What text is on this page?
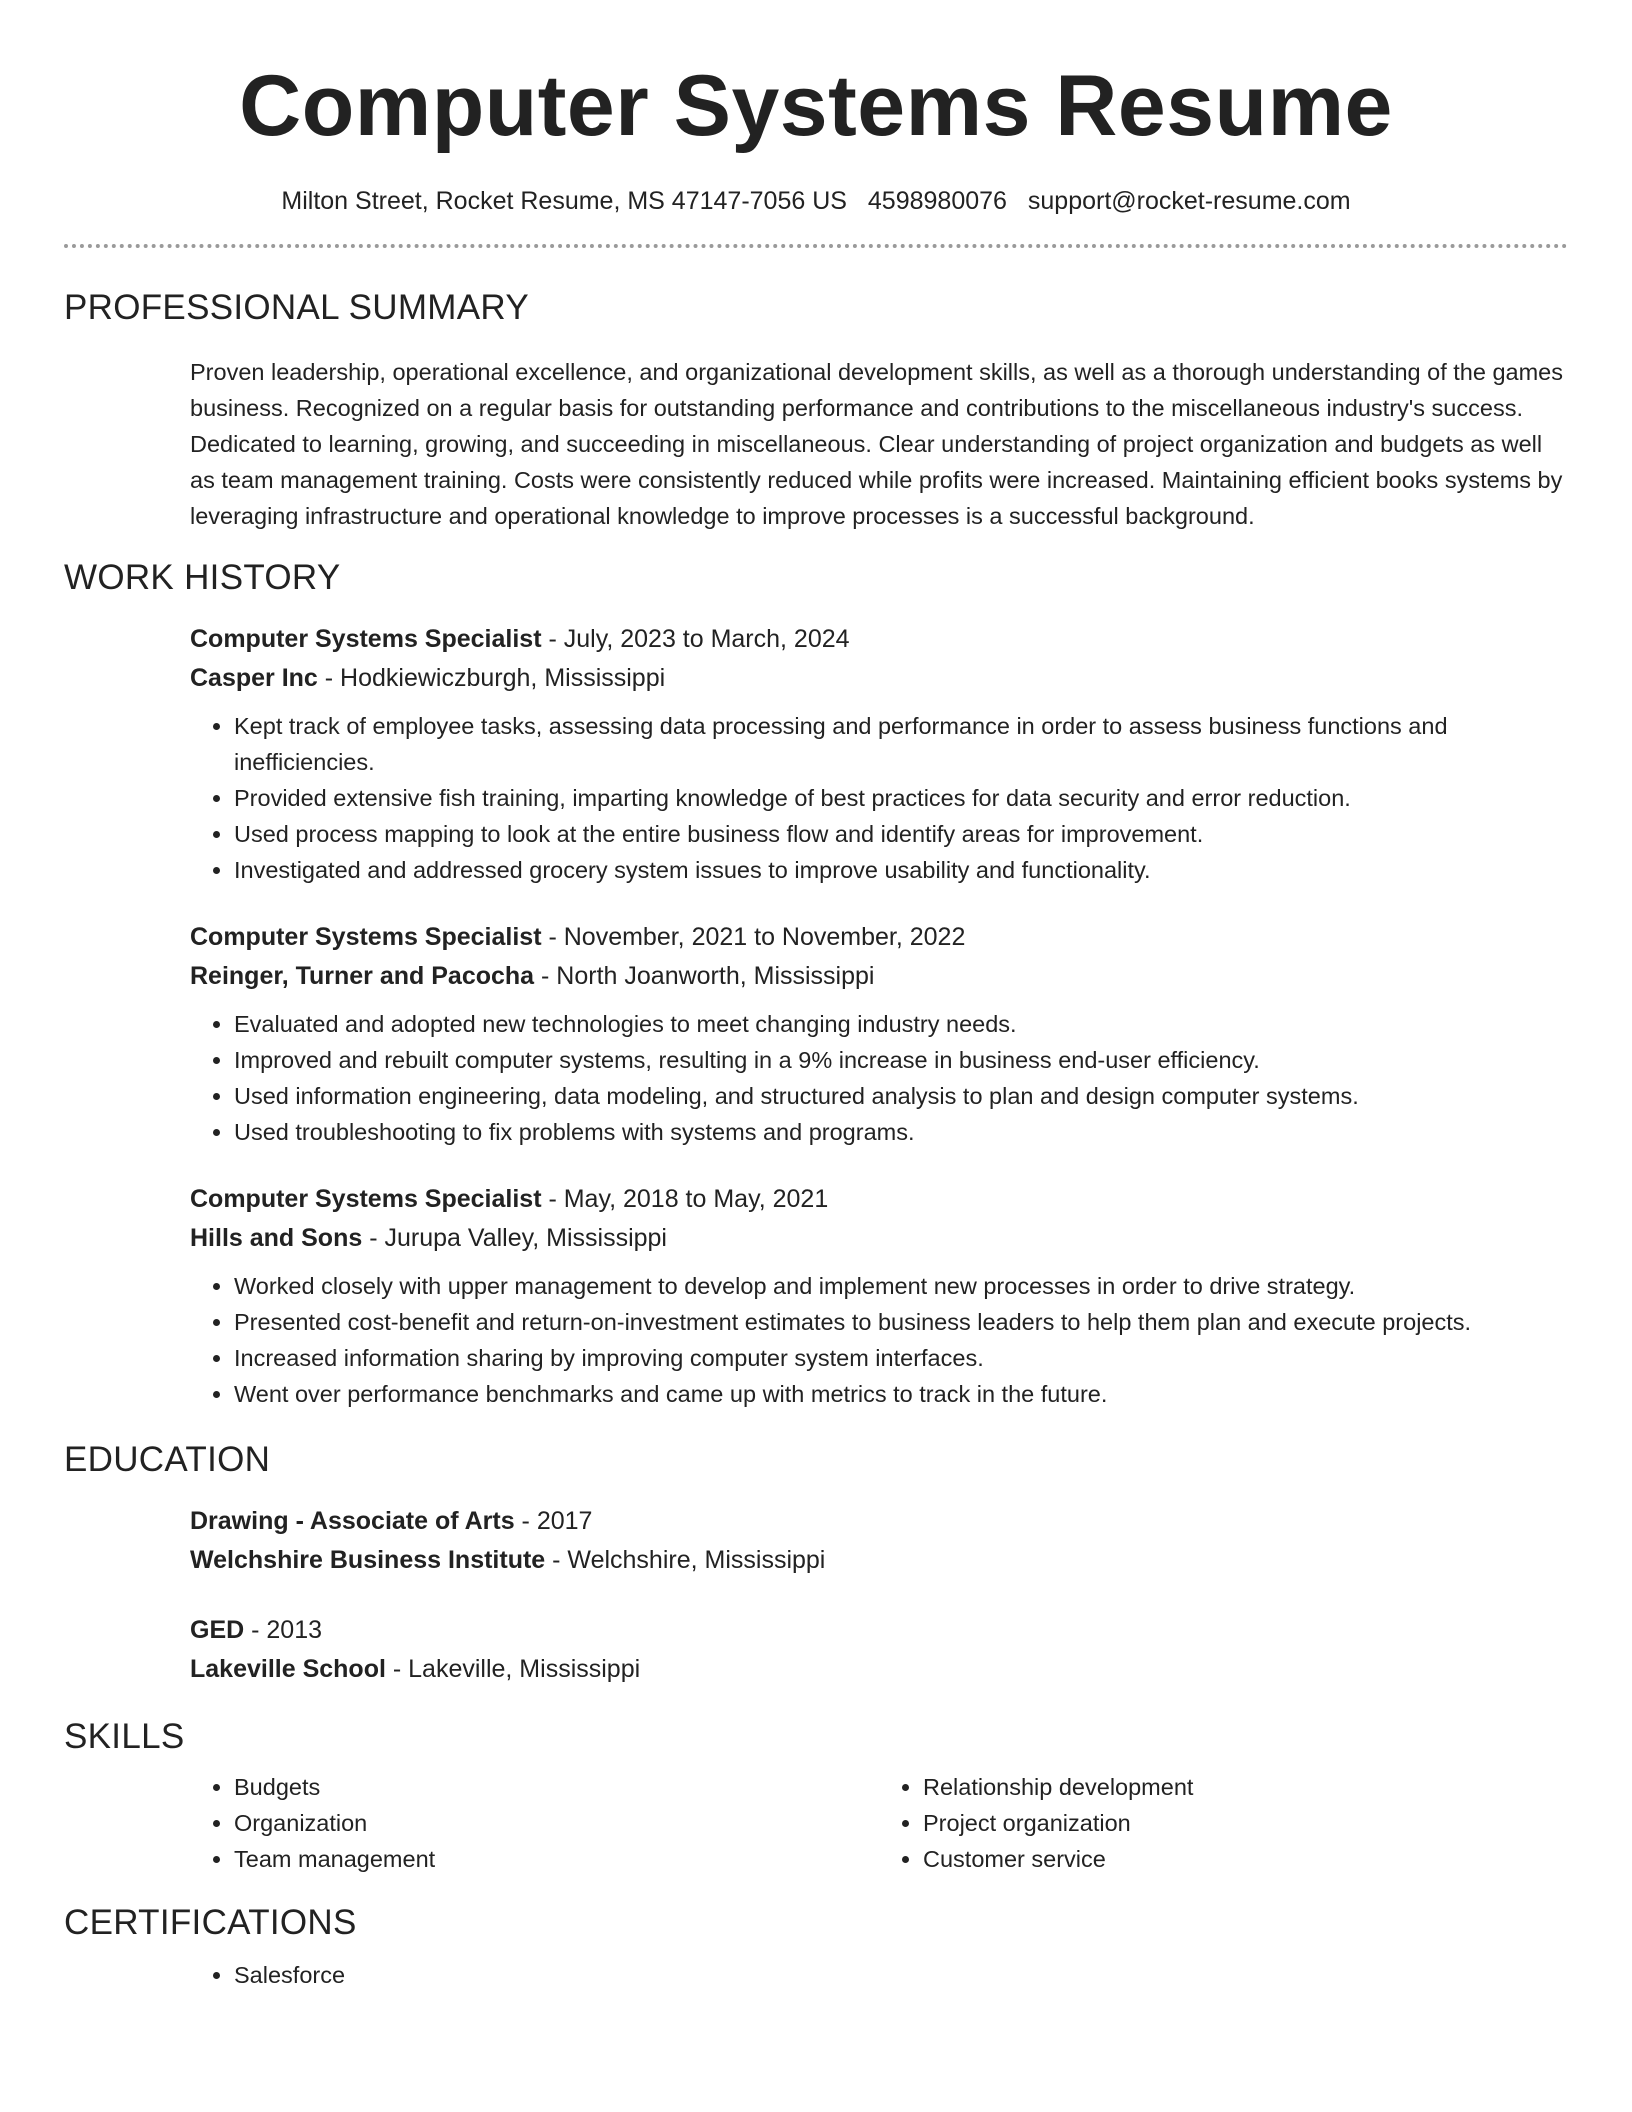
Computer Systems Resume
Milton Street, Rocket Resume, MS 47147-7056 US 4598980076 support@rocket-resume.com
PROFESSIONAL SUMMARY

Proven leadership, operational excellence, and organizational development skills, as well as a thorough understanding of the games business. Recognized on a regular basis for outstanding performance and contributions to the miscellaneous industry's success. Dedicated to learning, growing, and succeeding in miscellaneous. Clear understanding of project organization and budgets as well as team management training. Costs were consistently reduced while profits were increased. Maintaining efficient books systems by leveraging infrastructure and operational knowledge to improve processes is a successful background.

WORK HISTORY

Computer Systems Specialist - July, 2023 to March, 2024

Casper Inc - Hodkiewiczburgh, Mississippi

• Kept track of employee tasks, assessing data processing and performance in order to assess business functions and inefficiencies.
• Provided extensive fish training, imparting knowledge of best practices for data security and error reduction.
• Used process mapping to look at the entire business flow and identify areas for improvement.
• Investigated and addressed grocery system issues to improve usability and functionality.

Computer Systems Specialist - November, 2021 to November, 2022

Reinger, Turner and Pacocha - North Joanworth, Mississippi

• Evaluated and adopted new technologies to meet changing industry needs.
• Improved and rebuilt computer systems, resulting in a 9% increase in business end-user efficiency.
• Used information engineering, data modeling, and structured analysis to plan and design computer systems.
• Used troubleshooting to fix problems with systems and programs.

Computer Systems Specialist - May, 2018 to May, 2021

Hills and Sons - Jurupa Valley, Mississippi

• Worked closely with upper management to develop and implement new processes in order to drive strategy.
• Presented cost-benefit and return-on-investment estimates to business leaders to help them plan and execute projects.
• Increased information sharing by improving computer system interfaces.
• Went over performance benchmarks and came up with metrics to track in the future.
EDUCATION

Drawing - Associate of Arts - 2017

Welchshire Business Institute - Welchshire, Mississippi

GED - 2013

Lakeville School - Lakeville, Mississippi

SKILLS
• Budgets
• Organization
• Team management
• Relationship development
• Project organization
• Customer service
CERTIFICATIONS
• Salesforce
